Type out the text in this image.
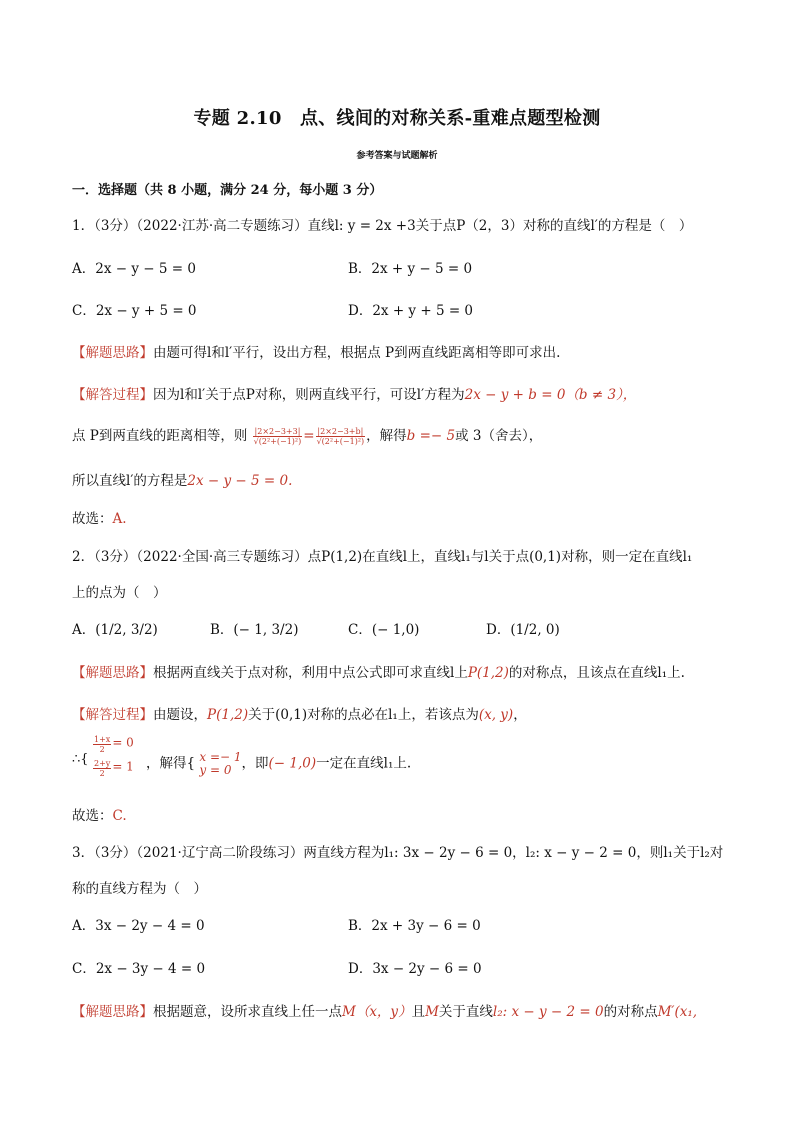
专题 2.10　点、线间的对称关系-重难点题型检测
参考答案与试题解析
一．选择题（共 8 小题，满分 24 分，每小题 3 分）
1．（3分）（2022·江苏·高二专题练习）直线l: y = 2x +3关于点P（2，3）对称的直线l′的方程是（　）
A．2x − y − 5 = 0	B．2x + y − 5 = 0
C．2x − y + 5 = 0	D．2x + y + 5 = 0
【解题思路】由题可得l和l′平行，设出方程，根据点 P到两直线距离相等即可求出.
【解答过程】因为l和l′关于点P对称，则两直线平行，可设l′方程为2x − y + b = 0（b ≠ 3），
点 P到两直线的距离相等，则 $\frac{|2\times 2-3+3|}{\text{√(2²+(−1)²)}} = \frac{|2\times 2-3+b|}{\text{√(2²+(−1)²)}}$ ，解得b =− 5或 3（舍去），
所以直线l′的方程是2x − y − 5 = 0.
故选：A.
2．（3分）（2022·全国·高三专题练习）点P(1,2)在直线l上，直线l₁与l关于点(0,1)对称，则一定在直线l₁
上的点为（　）
A．(1/2, 3/2)	B．(− 1, 3/2)	C．(− 1,0)	D．(1/2, 0)
【解题思路】根据两直线关于点对称，利用中点公式即可求直线l上P(1,2)的对称点，且该点在直线l₁上.
【解答过程】由题设，P(1,2)关于(0,1)对称的点必在l₁上，若该点为(x, y)，
∴{
$\frac{1+x}{2} = 0$
$\frac{2+y}{2} = 1$ ，解得{ x =− 1
y = 0 ，即(− 1,0)一定在直线l₁上.
故选：C.
3．（3分）（2021·辽宁高二阶段练习）两直线方程为l₁: 3x − 2y − 6 = 0，l₂: x − y − 2 = 0，则l₁关于l₂对
称的直线方程为（　）
A．3x − 2y − 4 = 0	B．2x + 3y − 6 = 0
C．2x − 3y − 4 = 0	D．3x − 2y − 6 = 0
【解题思路】根据题意，设所求直线上任一点M（x，y）且M关于直线l₂: x − y − 2 = 0的对称点M′(x₁,
